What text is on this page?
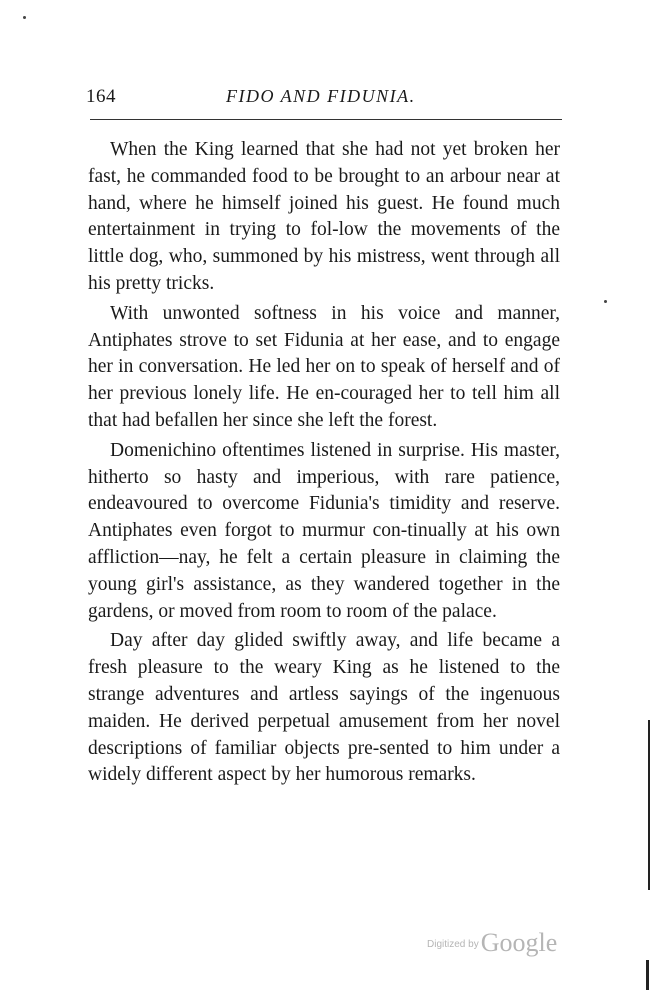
164	FIDO AND FIDUNIA.

When the King learned that she had not yet broken her fast, he commanded food to be brought to an arbour near at hand, where he himself joined his guest. He found much entertainment in trying to fol-low the movements of the little dog, who, summoned by his mistress, went through all his pretty tricks.

With unwonted softness in his voice and manner, Antiphates strove to set Fidunia at her ease, and to engage her in conversation. He led her on to speak of herself and of her previous lonely life. He en-couraged her to tell him all that had befallen her since she left the forest.

Domenichino oftentimes listened in surprise. His master, hitherto so hasty and imperious, with rare patience, endeavoured to overcome Fidunia's timidity and reserve. Antiphates even forgot to murmur con-tinually at his own affliction—nay, he felt a certain pleasure in claiming the young girl's assistance, as they wandered together in the gardens, or moved from room to room of the palace.

Day after day glided swiftly away, and life became a fresh pleasure to the weary King as he listened to the strange adventures and artless sayings of the ingenuous maiden. He derived perpetual amusement from her novel descriptions of familiar objects pre-sented to him under a widely different aspect by her humorous remarks.

$^{Digitized by}$Google
